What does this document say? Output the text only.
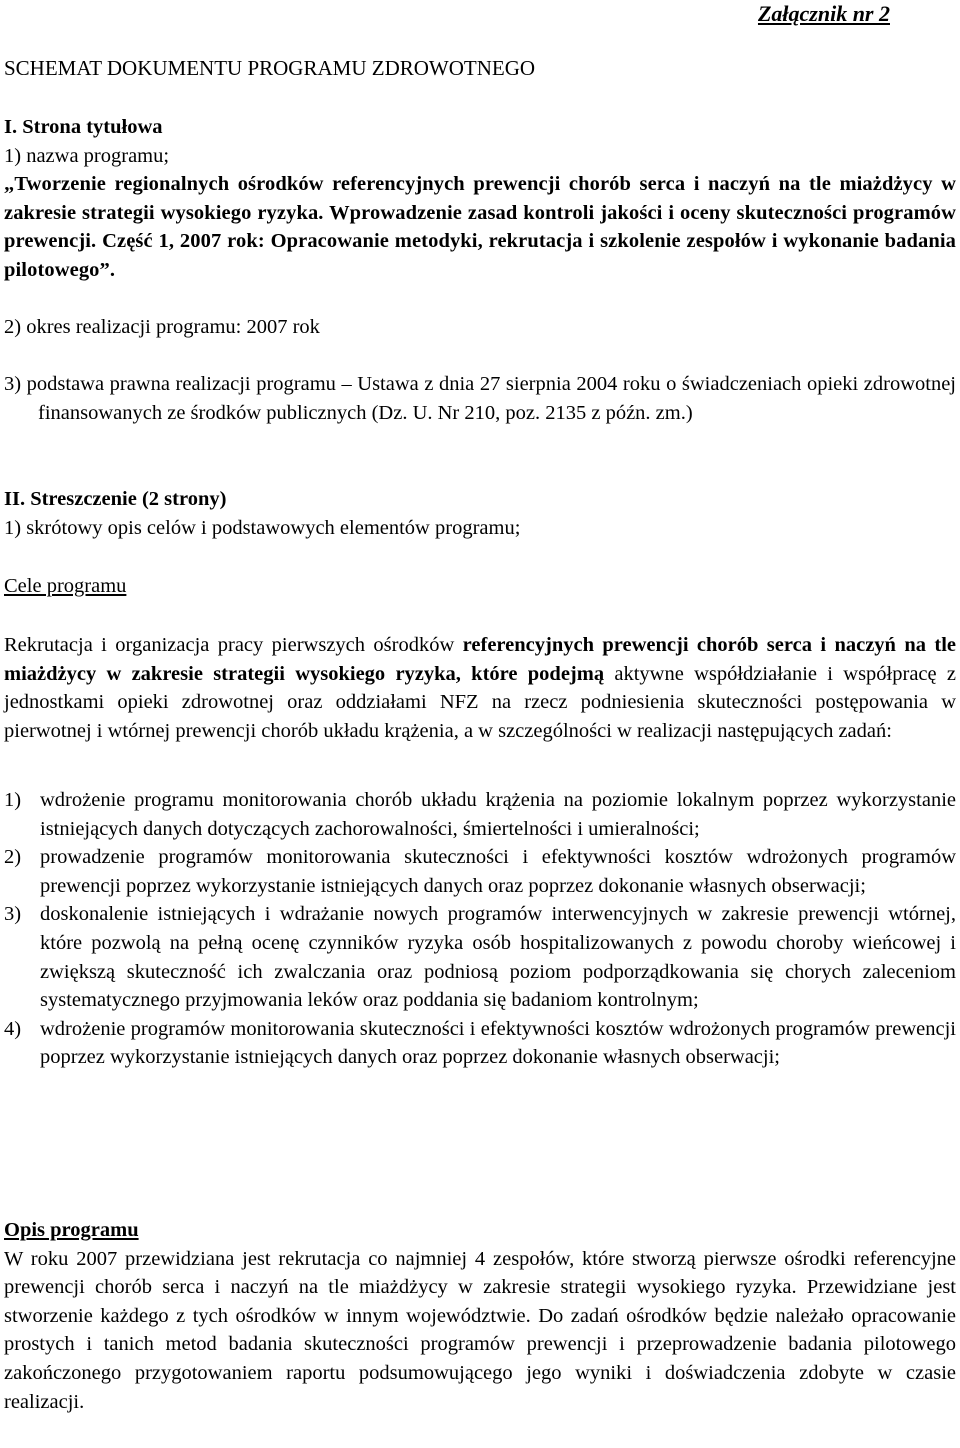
Załącznik nr 2
SCHEMAT DOKUMENTU PROGRAMU ZDROWOTNEGO

I. Strona tytułowa

1) nazwa programu;

„Tworzenie regionalnych ośrodków referencyjnych prewencji chorób serca i naczyń na tle miażdżycy w zakresie strategii wysokiego ryzyka. Wprowadzenie zasad kontroli jakości i oceny skuteczności programów prewencji. Część 1, 2007 rok: Opracowanie metodyki, rekrutacja i szkolenie zespołów i wykonanie badania pilotowego”.

2) okres realizacji programu: 2007 rok
3) podstawa prawna realizacji programu – Ustawa z dnia 27 sierpnia 2004 roku o świadczeniach opieki zdrowotnej finansowanych ze środków publicznych (Dz. U. Nr 210, poz. 2135 z późn. zm.)

II. Streszczenie (2 strony)

1) skrótowy opis celów i podstawowych elementów programu;

Cele programu
Rekrutacja i organizacja pracy pierwszych ośrodków referencyjnych prewencji chorób serca i naczyń na tle miażdżycy w zakresie strategii wysokiego ryzyka, które podejmą aktywne współdziałanie i współpracę z jednostkami opieki zdrowotnej oraz oddziałami NFZ na rzecz podniesienia skuteczności postępowania w pierwotnej i wtórnej prewencji chorób układu krążenia, a w szczególności w realizacji następujących zadań:
1) wdrożenie programu monitorowania chorób układu krążenia na poziomie lokalnym poprzez wykorzystanie istniejących danych dotyczących zachorowalności, śmiertelności i umieralności;
2) prowadzenie programów monitorowania skuteczności i efektywności kosztów wdrożonych programów prewencji poprzez wykorzystanie istniejących danych oraz poprzez dokonanie własnych obserwacji;
3) doskonalenie istniejących i wdrażanie nowych programów interwencyjnych w zakresie prewencji wtórnej, które pozwolą na pełną ocenę czynników ryzyka osób hospitalizowanych z powodu choroby wieńcowej i zwiększą skuteczność ich zwalczania oraz podniosą poziom podporządkowania się chorych zaleceniom systematycznego przyjmowania leków oraz poddania się badaniom kontrolnym;
4) wdrożenie programów monitorowania skuteczności i efektywności kosztów wdrożonych programów prewencji poprzez wykorzystanie istniejących danych oraz poprzez dokonanie własnych obserwacji;

Opis programu

W roku 2007 przewidziana jest rekrutacja co najmniej 4 zespołów, które stworzą pierwsze ośrodki referencyjne prewencji chorób serca i naczyń na tle miażdżycy w zakresie strategii wysokiego ryzyka. Przewidziane jest stworzenie każdego z tych ośrodków w innym województwie. Do zadań ośrodków będzie należało opracowanie prostych i tanich metod badania skuteczności programów prewencji i przeprowadzenie badania pilotowego zakończonego przygotowaniem raportu podsumowującego jego wyniki i doświadczenia zdobyte w czasie realizacji.
